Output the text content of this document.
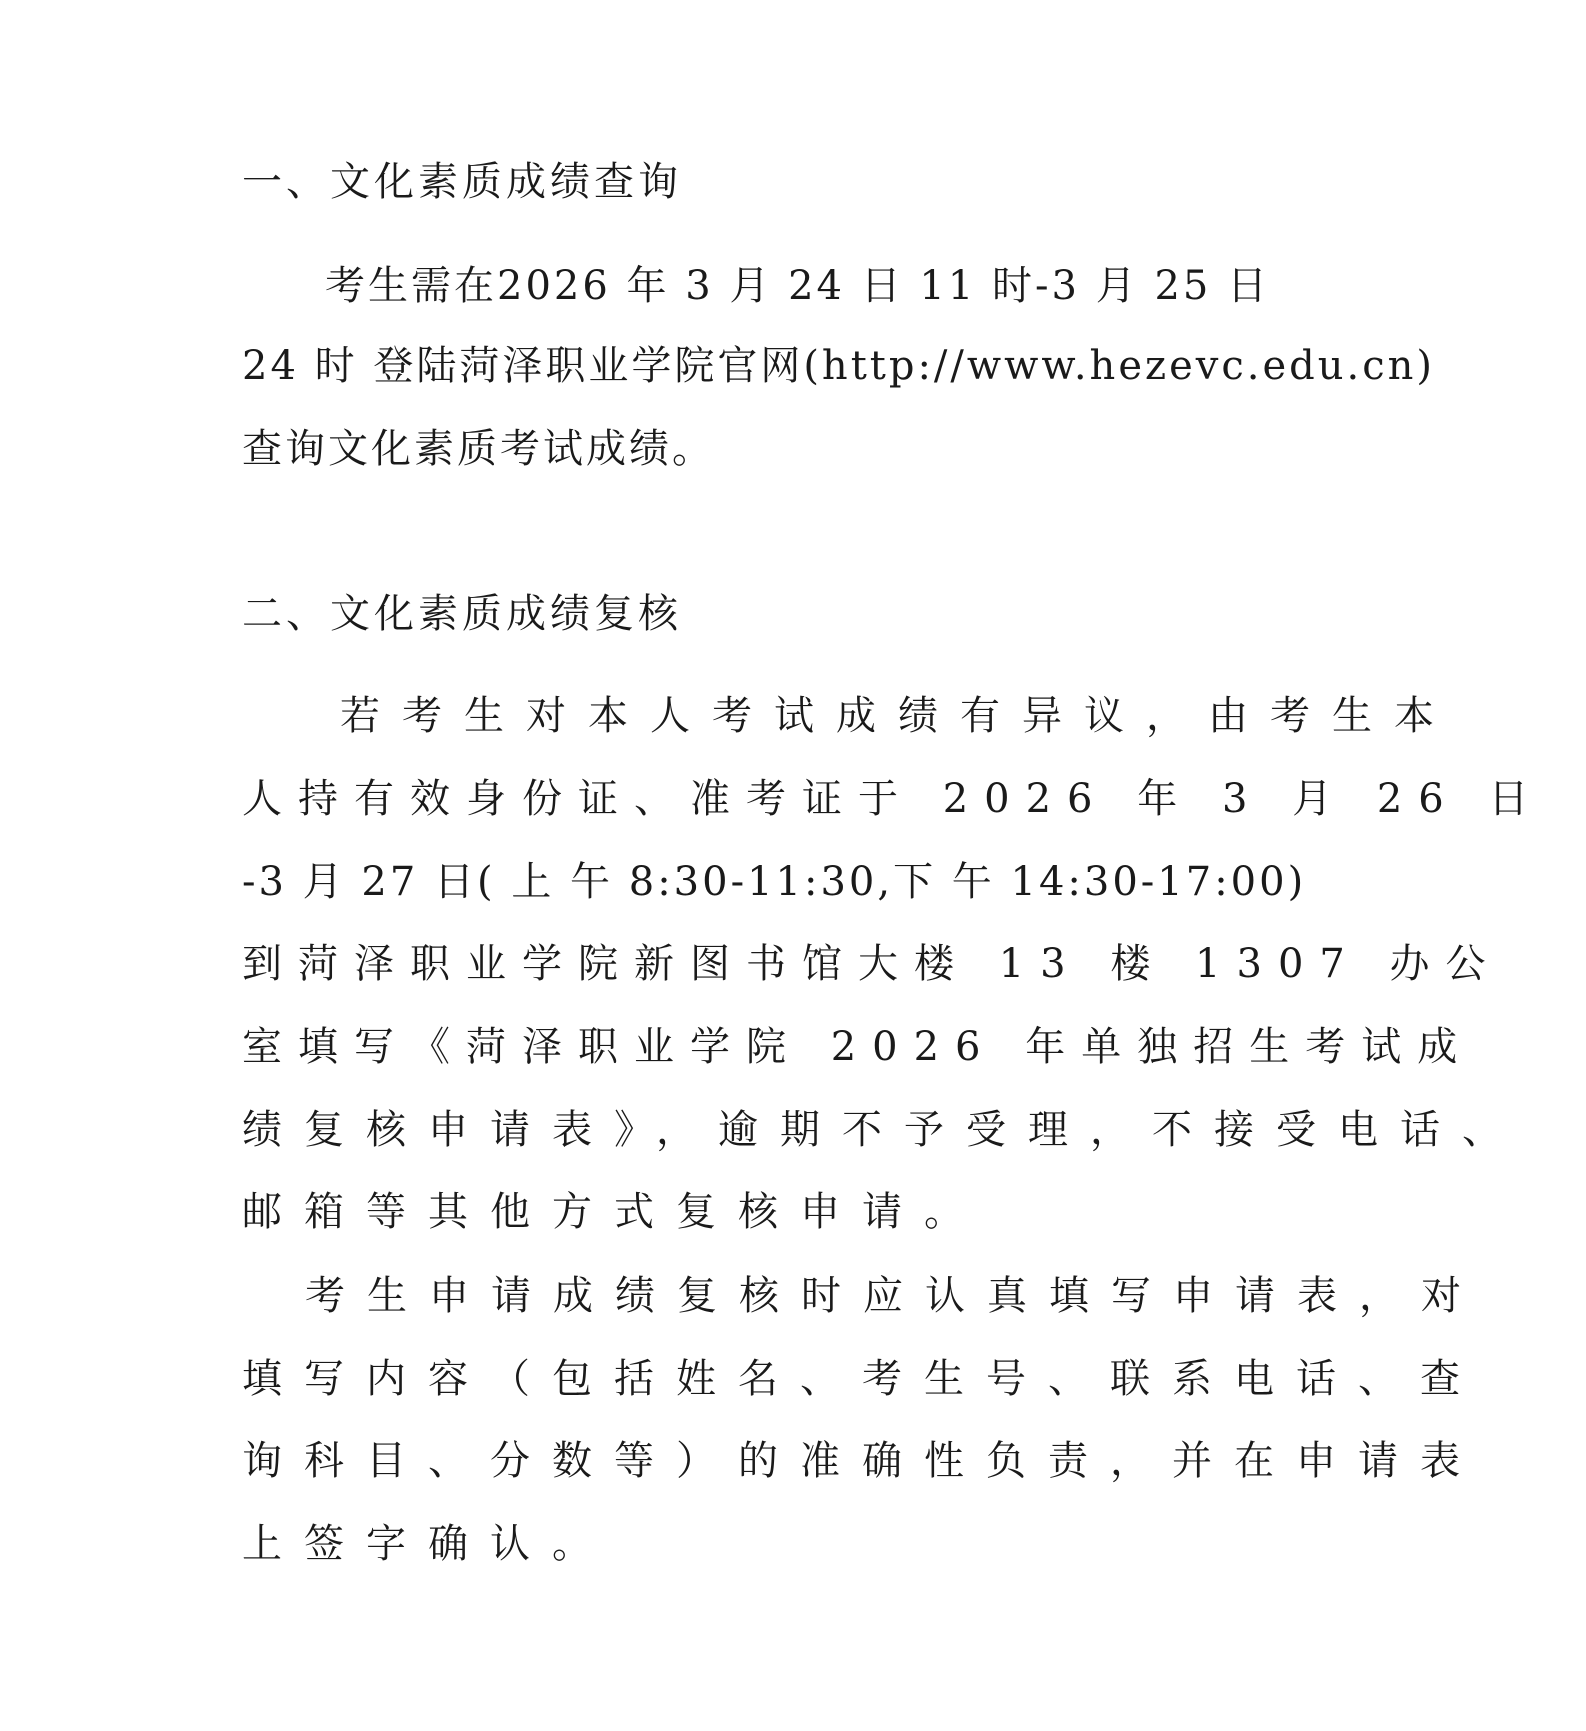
一、文化素质成绩查询
考生需在2026 年 3 月 24 日 11 时-3 月 25 日
24 时 登陆菏泽职业学院官网(http://www.hezevc.edu.cn)
查询文化素质考试成绩。
二、文化素质成绩复核
若考生对本人考试成绩有异议，由考生本
人持有效身份证、准考证于 2026 年 3 月 26 日
-3 月 27 日( 上 午 8:30-11:30,下 午 14:30-17:00)
到菏泽职业学院新图书馆大楼 13 楼 1307 办公
室填写《菏泽职业学院 2026 年单独招生考试成
绩复核申请表》，逾期不予受理，不接受电话、
邮箱等其他方式复核申请。
考生申请成绩复核时应认真填写申请表，对
填写内容（包括姓名、考生号、联系电话、查
询科目、分数等）的准确性负责，并在申请表
上签字确认。
